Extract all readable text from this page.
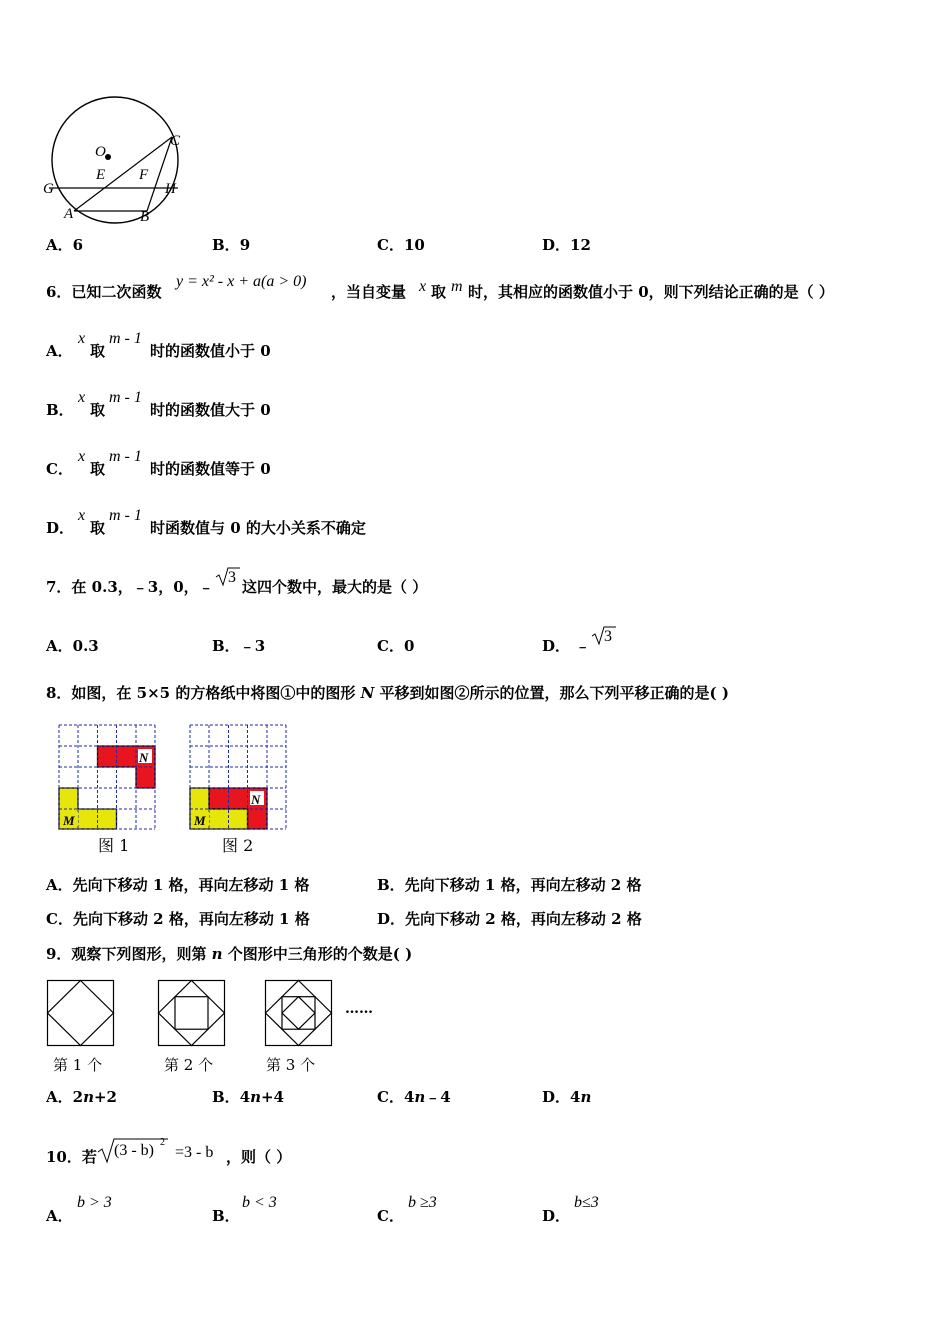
O
C
E F
G	H
A	B
A．6	B．9	C．10	D．12
6．已知二次函数
y = x² - x + a(a > 0)
，当自变量 x 取 m 时，其相应的函数值小于 0，则下列结论正确的是（ ）
A．
x
取
m - 1
时的函数值小于 0
B．
x
取
m - 1
时的函数值大于 0
C．
x
取
m - 1
时的函数值等于 0
D．
x
取
m - 1
时函数值与 0 的大小关系不确定
7．在 0.3，﹣3，0，﹣
3
这四个数中，最大的是（ ）
A．0.3	B．﹣3	C．0	D． ﹣
3
8．如图，在 5×5 的方格纸中将图①中的图形 N 平移到如图②所示的位置，那么下列平移正确的是( )
N
M
图 1
N
M
图 2
A．先向下移动 1 格，再向左移动 1 格	B．先向下移动 1 格，再向左移动 2 格
C．先向下移动 2 格，再向左移动 1 格	D．先向下移动 2 格，再向左移动 2 格
9．观察下列图形，则第 n 个图形中三角形的个数是( )
……
第 1 个	第 2 个	第 3 个
A．2n+2	B．4n+4	C．4n﹣4	D．4n
10．若 (3 - b) 2
=3 - b ，则（ ）
A．
b > 3
B．
b < 3
C．
b ≥3
D．
b≤3
